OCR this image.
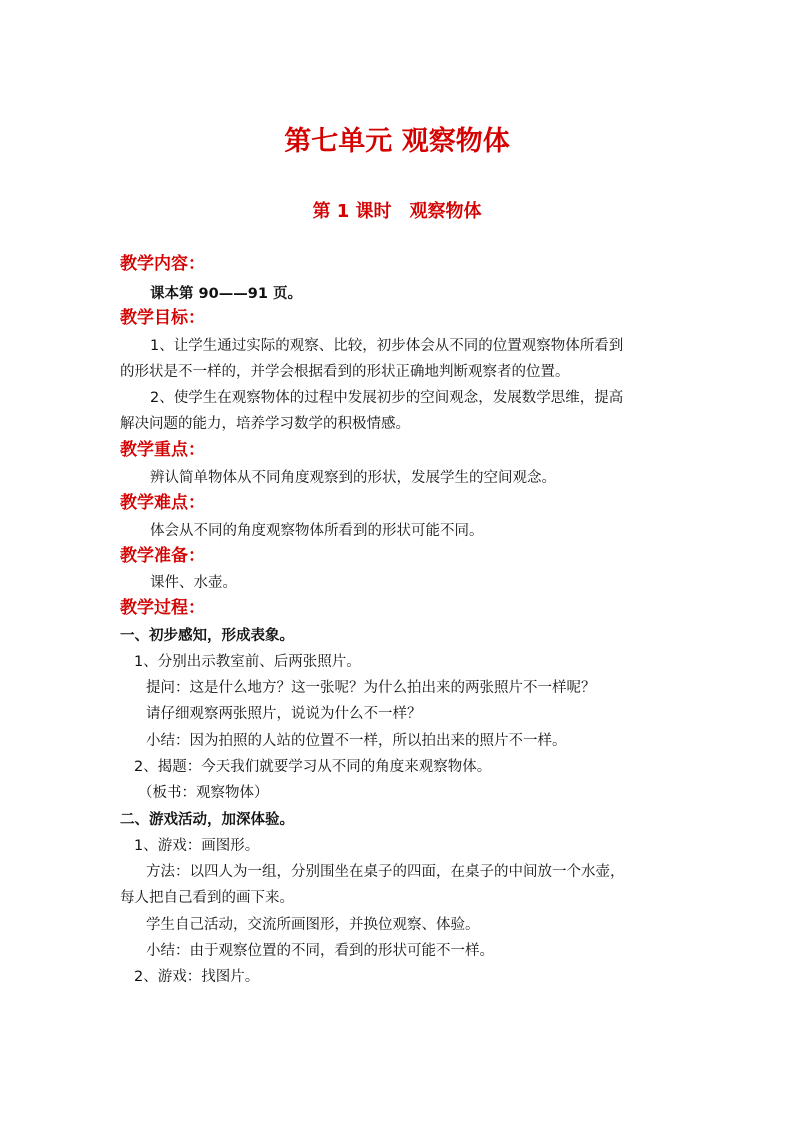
第七单元 观察物体
第 1 课时　观察物体
教学内容：
课本第 90——91 页。
教学目标：
1、让学生通过实际的观察、比较，初步体会从不同的位置观察物体所看到
的形状是不一样的，并学会根据看到的形状正确地判断观察者的位置。
2、使学生在观察物体的过程中发展初步的空间观念，发展数学思维，提高
解决问题的能力，培养学习数学的积极情感。
教学重点：
辨认简单物体从不同角度观察到的形状，发展学生的空间观念。
教学难点：
体会从不同的角度观察物体所看到的形状可能不同。
教学准备：
课件、水壶。
教学过程：
一、初步感知，形成表象。
1、分别出示教室前、后两张照片。
提问：这是什么地方？这一张呢？为什么拍出来的两张照片不一样呢？
请仔细观察两张照片，说说为什么不一样？
小结：因为拍照的人站的位置不一样，所以拍出来的照片不一样。
2、揭题：今天我们就要学习从不同的角度来观察物体。
（板书：观察物体）
二、游戏活动，加深体验。
1、游戏：画图形。
方法：以四人为一组，分别围坐在桌子的四面，在桌子的中间放一个水壶，
每人把自己看到的画下来。
学生自己活动，交流所画图形，并换位观察、体验。
小结：由于观察位置的不同，看到的形状可能不一样。
2、游戏：找图片。
